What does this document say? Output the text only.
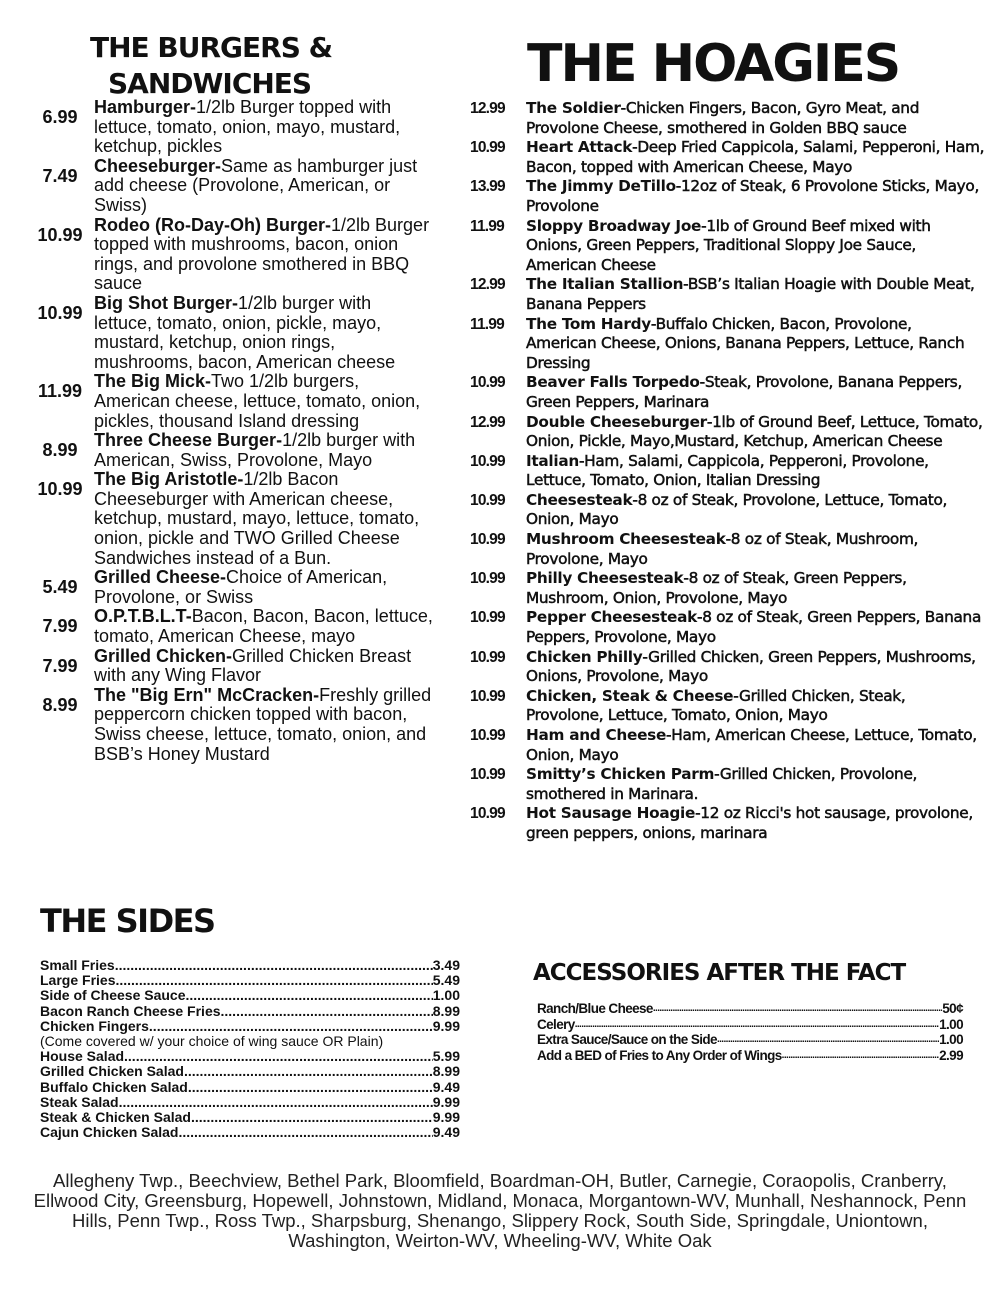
THE BURGERS &
SANDWICHES	THE HOAGIES
6.99 Hamburger-1/2lb Burger topped with lettuce, tomato, onion, mayo, mustard, ketchup, pickles
7.49 Cheeseburger-Same as hamburger just add cheese (Provolone, American, or Swiss)
10.99 Rodeo (Ro-Day-Oh) Burger-1/2lb Burger topped with mushrooms, bacon, onion rings, and provolone smothered in BBQ sauce
10.99 Big Shot Burger-1/2lb burger with lettuce, tomato, onion, pickle, mayo, mustard, ketchup, onion rings, mushrooms, bacon, American cheese
11.99 The Big Mick-Two 1/2lb burgers, American cheese, lettuce, tomato, onion, pickles, thousand Island dressing
8.99 Three Cheese Burger-1/2lb burger with American, Swiss, Provolone, Mayo
10.99 The Big Aristotle-1/2lb Bacon Cheeseburger with American cheese, ketchup, mustard, mayo, lettuce, tomato, onion, pickle and TWO Grilled Cheese Sandwiches instead of a Bun.
5.49 Grilled Cheese-Choice of American, Provolone, or Swiss
7.99 O.P.T.B.L.T-Bacon, Bacon, Bacon, lettuce, tomato, American Cheese, mayo
7.99 Grilled Chicken-Grilled Chicken Breast with any Wing Flavor
8.99 The "Big Ern" McCracken-Freshly grilled peppercorn chicken topped with bacon, Swiss cheese, lettuce, tomato, onion, and BSB’s Honey Mustard
12.99	The Soldier-Chicken Fingers, Bacon, Gyro Meat, and Provolone Cheese, smothered in Golden BBQ sauce
10.99	Heart Attack-Deep Fried Cappicola, Salami, Pepperoni, Ham, Bacon, topped with American Cheese, Mayo
13.99	The Jimmy DeTillo-12oz of Steak, 6 Provolone Sticks, Mayo, Provolone
11.99	Sloppy Broadway Joe-1lb of Ground Beef mixed with Onions, Green Peppers, Traditional Sloppy Joe Sauce, American Cheese
12.99	The Italian Stallion-BSB’s Italian Hoagie with Double Meat, Banana Peppers
11.99	The Tom Hardy-Buffalo Chicken, Bacon, Provolone, American Cheese, Onions, Banana Peppers, Lettuce, Ranch Dressing
10.99	Beaver Falls Torpedo-Steak, Provolone, Banana Peppers, Green Peppers, Marinara
12.99	Double Cheeseburger-1lb of Ground Beef, Lettuce, Tomato, Onion, Pickle, Mayo,Mustard, Ketchup, American Cheese
10.99	Italian-Ham, Salami, Cappicola, Pepperoni, Provolone, Lettuce, Tomato, Onion, Italian Dressing
10.99	Cheesesteak-8 oz of Steak, Provolone, Lettuce, Tomato, Onion, Mayo
10.99	Mushroom Cheesesteak-8 oz of Steak, Mushroom, Provolone, Mayo
10.99	Philly Cheesesteak-8 oz of Steak, Green Peppers, Mushroom, Onion, Provolone, Mayo
10.99	Pepper Cheesesteak-8 oz of Steak, Green Peppers, Banana Peppers, Provolone, Mayo
10.99	Chicken Philly-Grilled Chicken, Green Peppers, Mushrooms, Onions, Provolone, Mayo
10.99	Chicken, Steak & Cheese-Grilled Chicken, Steak, Provolone, Lettuce, Tomato, Onion, Mayo
10.99	Ham and Cheese-Ham, American Cheese, Lettuce, Tomato, Onion, Mayo
10.99	Smitty’s Chicken Parm-Grilled Chicken, Provolone, smothered in Marinara.
10.99	Hot Sausage Hoagie-12 oz Ricci's hot sausage, provolone, green peppers, onions, marinara
THE SIDES
Small Fries .....	3.49
Large Fries .....	5.49
Side of Cheese Sauce .....	1.00
Bacon Ranch Cheese Fries .....	8.99
Chicken Fingers .....	9.99
(Come covered w/ your choice of wing sauce OR Plain)
House Salad .....	5.99
Grilled Chicken Salad .....	8.99
Buffalo Chicken Salad .....	9.49
Steak Salad .....	9.99
Steak & Chicken Salad .....	9.99
Cajun Chicken Salad .....	9.49
ACCESSORIES AFTER THE FACT
Ranch/Blue Cheese .....	50¢
Celery .....	1.00
Extra Sauce/Sauce on the Side .....	1.00
Add a BED of Fries to Any Order of Wings .....	2.99
Allegheny Twp., Beechview, Bethel Park, Bloomfield, Boardman-OH, Butler, Carnegie, Coraopolis, Cranberry, Ellwood City, Greensburg, Hopewell, Johnstown, Midland, Monaca, Morgantown-WV, Munhall, Neshannock, Penn Hills, Penn Twp., Ross Twp., Sharpsburg, Shenango, Slippery Rock, South Side, Springdale, Uniontown, Washington, Weirton-WV, Wheeling-WV, White Oak
